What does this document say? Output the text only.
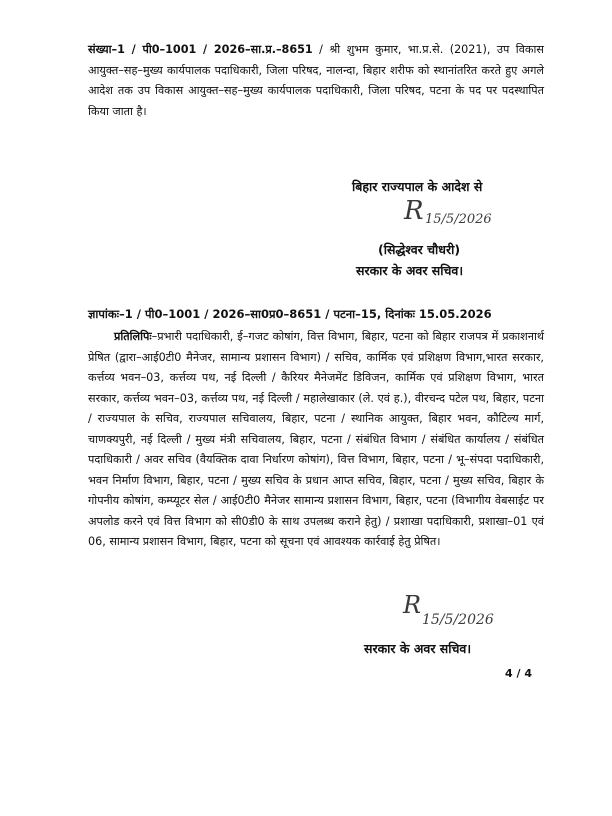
संख्या–1 / पी0–1001 / 2026–सा.प्र.–8651 / श्री शुभम कुमार, भा.प्र.से. (2021), उप विकास आयुक्त–सह–मुख्य कार्यपालक पदाधिकारी, जिला परिषद, नालन्दा, बिहार शरीफ को स्थानांतरित करते हुए अगले आदेश तक उप विकास आयुक्त–सह–मुख्य कार्यपालक पदाधिकारी, जिला परिषद, पटना के पद पर पदस्थापित किया जाता है।
बिहार राज्यपाल के आदेश से
R 15/5/2026
(सिद्धेश्वर चौधरी)
सरकार के अवर सचिव।
ज्ञापांकः–1 / पी0–1001 / 2026–सा0प्र0–8651 / पटना–15, दिनांकः 15.05.2026
प्रतिलिपिः–प्रभारी पदाधिकारी, ई–गजट कोषांग, वित्त विभाग, बिहार, पटना को बिहार राजपत्र में प्रकाशनार्थ प्रेषित (द्वारा–आई0टी0 मैनेजर, सामान्य प्रशासन विभाग) / सचिव, कार्मिक एवं प्रशिक्षण विभाग,भारत सरकार, कर्त्तव्य भवन–03, कर्त्तव्य पथ, नई दिल्ली / कैरियर मैनेजमेंट डिविजन, कार्मिक एवं प्रशिक्षण विभाग, भारत सरकार, कर्त्तव्य भवन–03, कर्त्तव्य पथ, नई दिल्ली / महालेखाकार (ले. एवं ह.), वीरचन्द पटेल पथ, बिहार, पटना / राज्यपाल के सचिव, राज्यपाल सचिवालय, बिहार, पटना / स्थानिक आयुक्त, बिहार भवन, कौटिल्य मार्ग, चाणक्यपुरी, नई दिल्ली / मुख्य मंत्री सचिवालय, बिहार, पटना / संबंधित विभाग / संबंधित कार्यालय / संबंधित पदाधिकारी / अवर सचिव (वैयक्तिक दावा निर्धारण कोषांग), वित्त विभाग, बिहार, पटना / भू–संपदा पदाधिकारी, भवन निर्माण विभाग, बिहार, पटना / मुख्य सचिव के प्रधान आप्त सचिव, बिहार, पटना / मुख्य सचिव, बिहार के गोपनीय कोषांग, कम्प्यूटर सेल / आई0टी0 मैनेजर सामान्य प्रशासन विभाग, बिहार, पटना (विभागीय वेबसाईट पर अपलोड करने एवं वित्त विभाग को सी0डी0 के साथ उपलब्ध कराने हेतु) / प्रशाखा पदाधिकारी, प्रशाखा–01 एवं 06, सामान्य प्रशासन विभाग, बिहार, पटना को सूचना एवं आवश्यक कार्रवाई हेतु प्रेषित।
R
15/5/2026
सरकार के अवर सचिव।
4 / 4
